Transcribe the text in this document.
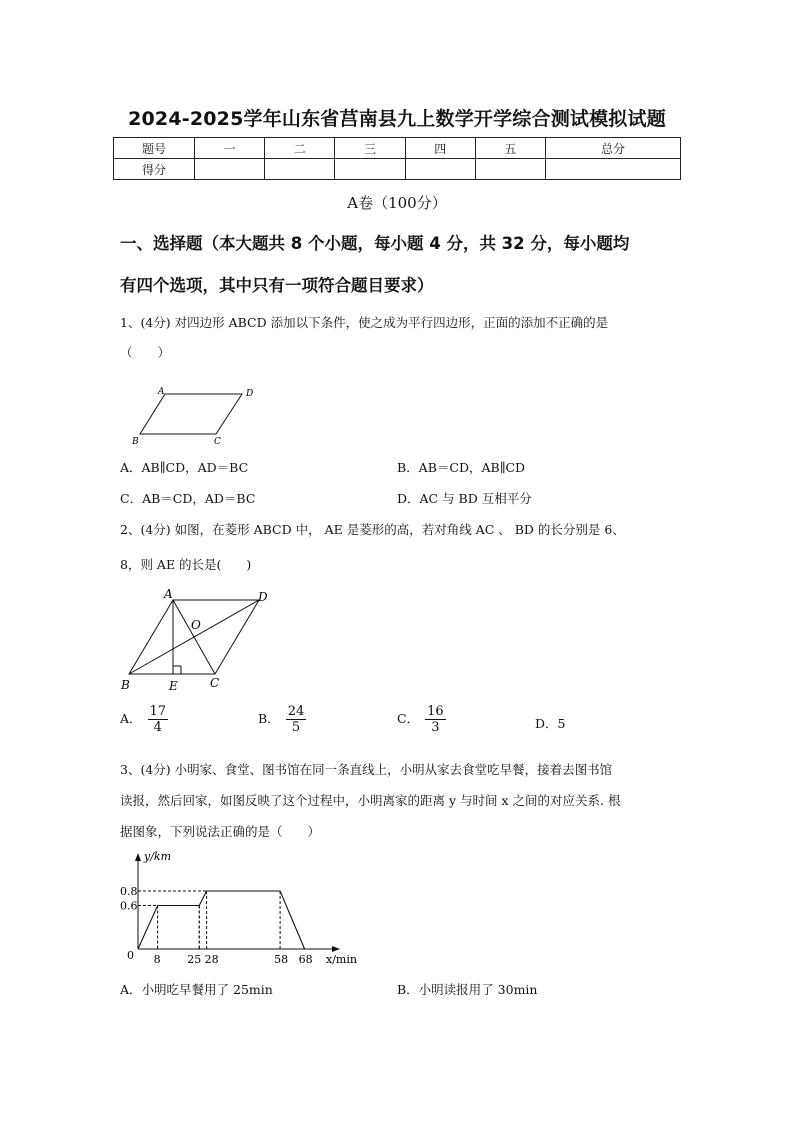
2024-2025学年山东省莒南县九上数学开学综合测试模拟试题
题号	一	二	三	四	五	总分
得分						
A卷（100分）
一、选择题（本大题共 8 个小题，每小题 4 分，共 32 分，每小题均
有四个选项，其中只有一项符合题目要求）
1、(4分) 对四边形 ABCD 添加以下条件，使之成为平行四边形，正面的添加不正确的是
（　　）
A	D
B	C
A．AB∥CD，AD＝BC	B．AB＝CD，AB∥CD
C．AB＝CD，AD＝BC	D．AC 与 BD 互相平分
2、(4分) 如图，在菱形 ABCD 中， AE 是菱形的高，若对角线 AC 、 BD 的长分别是 6、
8，则 AE 的长是(　　)
A	D
O
B	E	C
A． $\frac{17}{4}$	B． $\frac{24}{5}$	C． $\frac{16}{3}$	D．5
3、(4分) 小明家、食堂、图书馆在同一条直线上，小明从家去食堂吃早餐，接着去图书馆
读报，然后回家，如图反映了这个过程中，小明离家的距离 y 与时间 x 之间的对应关系. 根
据图象，下列说法正确的是（　　）
y/km
x/min
0 8 25 28	58 68
0.6
0.8
A．小明吃早餐用了 25min	B．小明读报用了 30min
